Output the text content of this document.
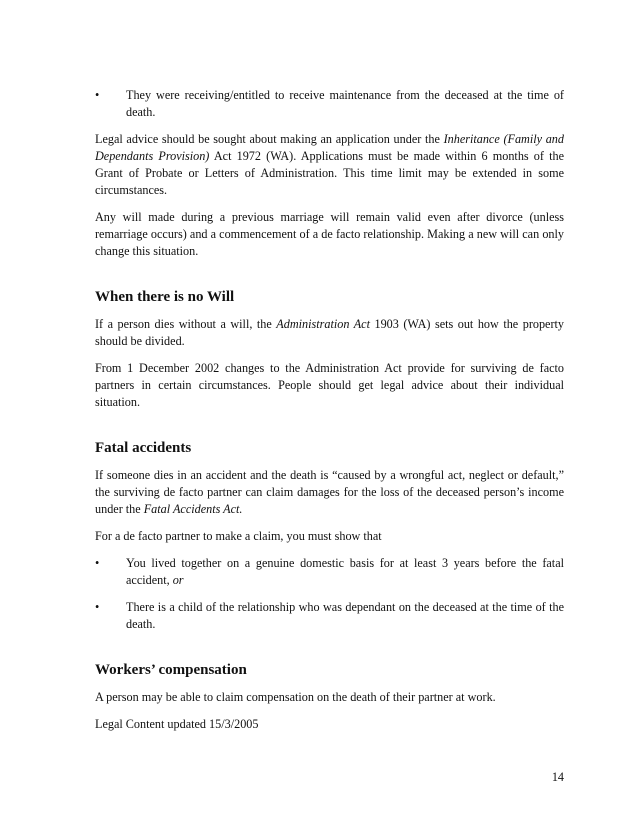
• They were receiving/entitled to receive maintenance from the deceased at the time of death.

Legal advice should be sought about making an application under the Inheritance (Family and Dependants Provision) Act 1972 (WA). Applications must be made within 6 months of the Grant of Probate or Letters of Administration. This time limit may be extended in some circumstances.

Any will made during a previous marriage will remain valid even after divorce (unless remarriage occurs) and a commencement of a de facto relationship. Making a new will can only change this situation.

When there is no Will

If a person dies without a will, the Administration Act 1903 (WA) sets out how the property should be divided.

From 1 December 2002 changes to the Administration Act provide for surviving de facto partners in certain circumstances. People should get legal advice about their individual situation.

Fatal accidents

If someone dies in an accident and the death is “caused by a wrongful act, neglect or default,” the surviving de facto partner can claim damages for the loss of the deceased person’s income under the Fatal Accidents Act.

For a de facto partner to make a claim, you must show that

• You lived together on a genuine domestic basis for at least 3 years before the fatal accident, or
• There is a child of the relationship who was dependant on the deceased at the time of the death.
Workers’ compensation

A person may be able to claim compensation on the death of their partner at work.

Legal Content updated 15/3/2005

14
